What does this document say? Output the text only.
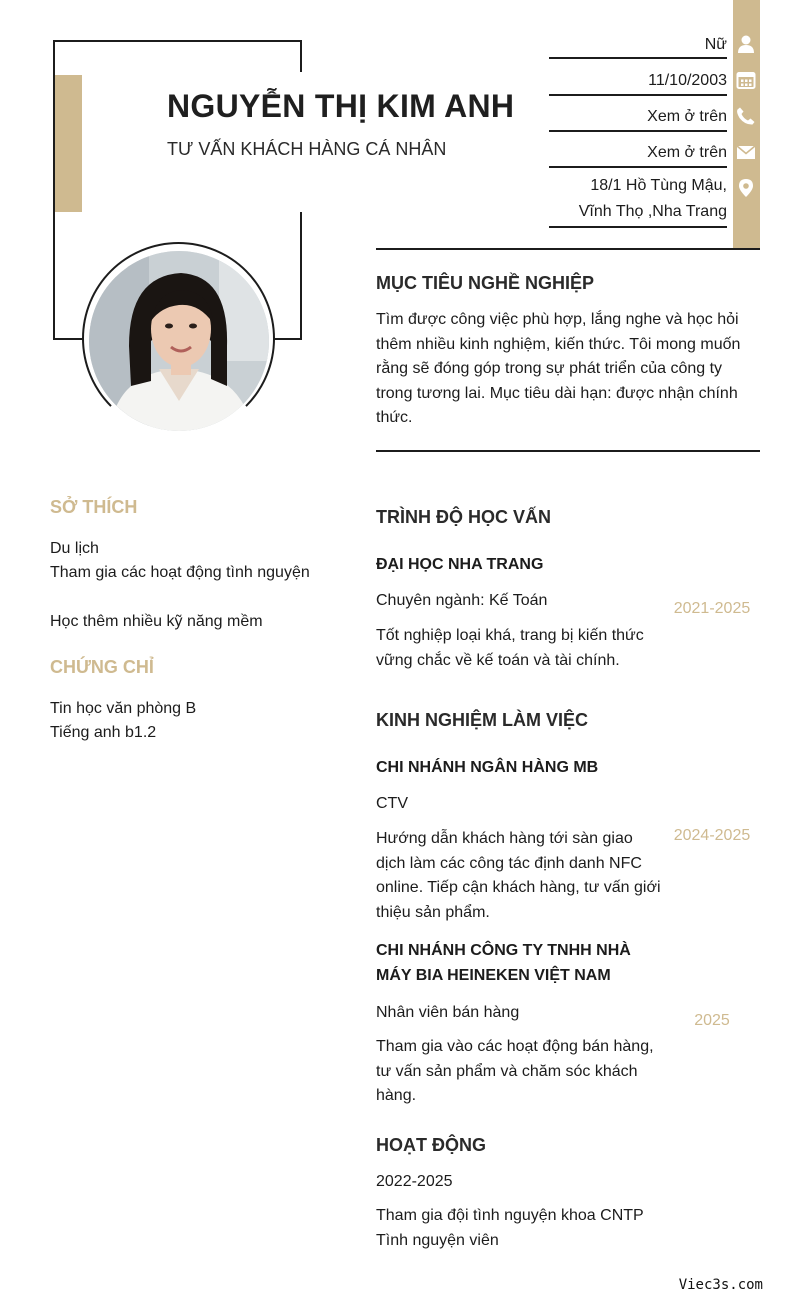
NGUYỄN THỊ KIM ANH
TƯ VẤN KHÁCH HÀNG CÁ NHÂN
Nữ
11/10/2003
Xem ở trên
Xem ở trên
18/1 Hồ Tùng Mậu,
Vĩnh Thọ ,Nha Trang
MỤC TIÊU NGHỀ NGHIỆP
Tìm được công việc phù hợp, lắng nghe và học hỏi thêm nhiều kinh nghiệm, kiến thức. Tôi mong muốn rằng sẽ đóng góp trong sự phát triển của công ty trong tương lai. Mục tiêu dài hạn: được nhận chính thức.
SỞ THÍCH
Du lịch
Tham gia các hoạt động tình nguyện
Học thêm nhiều kỹ năng mềm
CHỨNG CHỈ
Tin học văn phòng B
Tiếng anh b1.2
TRÌNH ĐỘ HỌC VẤN
ĐẠI HỌC NHA TRANG
Chuyên ngành: Kế Toán	2021-2025
Tốt nghiệp loại khá, trang bị kiến thức vững chắc về kế toán và tài chính.
KINH NGHIỆM LÀM VIỆC
CHI NHÁNH NGÂN HÀNG MB
CTV
2024-2025
Hướng dẫn khách hàng tới sàn giao dịch làm các công tác định danh NFC online. Tiếp cận khách hàng, tư vấn giới thiệu sản phẩm.
CHI NHÁNH CÔNG TY TNHH NHÀ MÁY BIA HEINEKEN VIỆT NAM
Nhân viên bán hàng	2025
Tham gia vào các hoạt động bán hàng, tư vấn sản phẩm và chăm sóc khách hàng.
HOẠT ĐỘNG
2022-2025
Tham gia đội tình nguyện khoa CNTP
Tình nguyện viên
Viec3s.com
